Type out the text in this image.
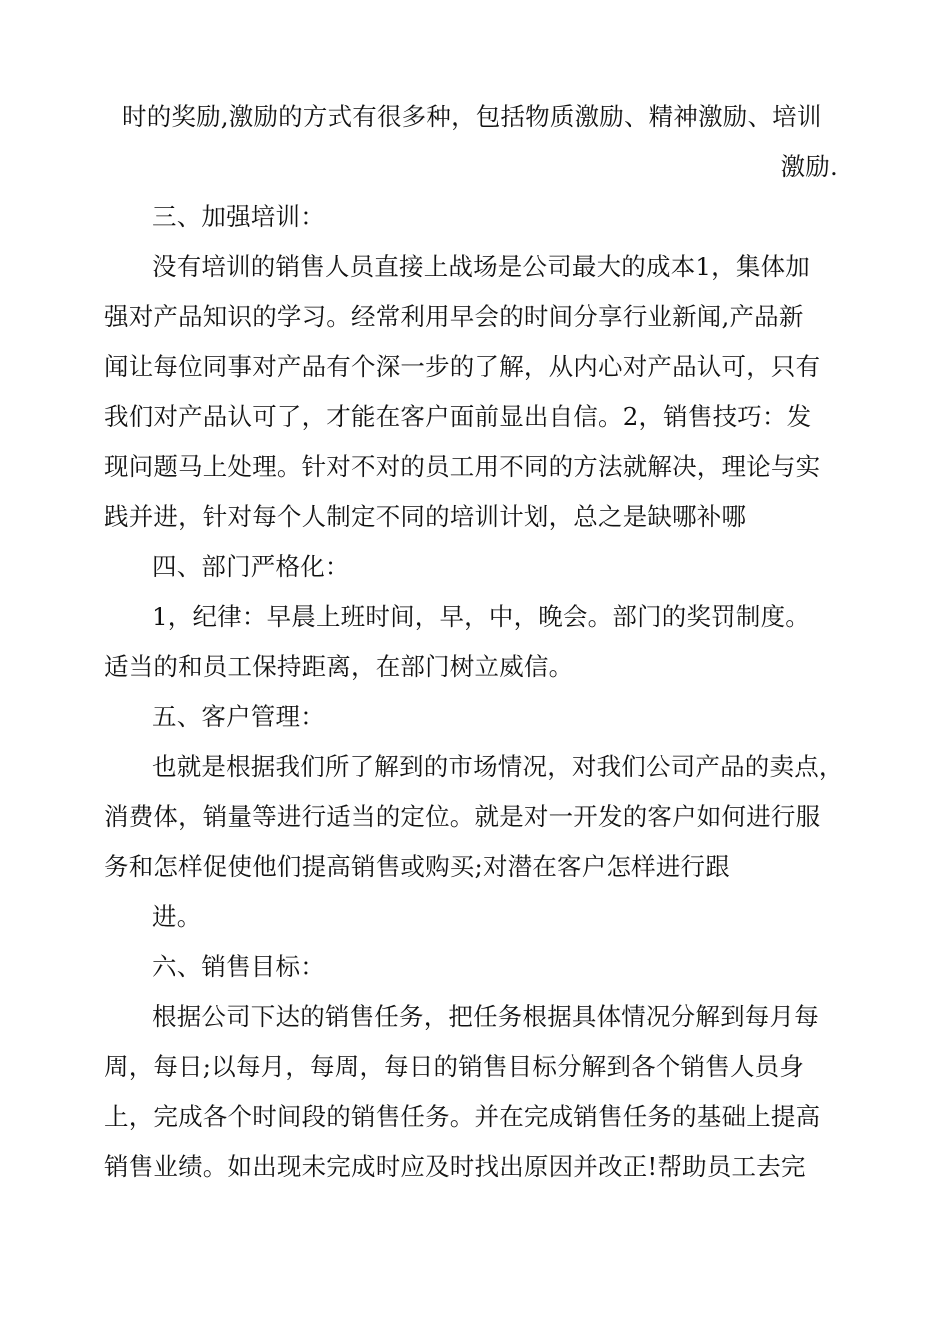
时的奖励,激励的方式有很多种，包括物质激励、精神激励、培训
激励.
三、加强培训：
没有培训的销售人员直接上战场是公司最大的成本1，集体加
强对产品知识的学习。经常利用早会的时间分享行业新闻,产品新
闻让每位同事对产品有个深一步的了解，从内心对产品认可，只有
我们对产品认可了，才能在客户面前显出自信。2，销售技巧：发
现问题马上处理。针对不对的员工用不同的方法就解决，理论与实
践并进，针对每个人制定不同的培训计划，总之是缺哪补哪
四、部门严格化：
1，纪律：早晨上班时间，早，中，晚会。部门的奖罚制度。
适当的和员工保持距离，在部门树立威信。
五、客户管理：
也就是根据我们所了解到的市场情况，对我们公司产品的卖点，
消费体，销量等进行适当的定位。就是对一开发的客户如何进行服
务和怎样促使他们提高销售或购买;对潜在客户怎样进行跟
进。
六、销售目标：
根据公司下达的销售任务，把任务根据具体情况分解到每月每
周，每日;以每月，每周，每日的销售目标分解到各个销售人员身
上，完成各个时间段的销售任务。并在完成销售任务的基础上提高
销售业绩。如出现未完成时应及时找出原因并改正!帮助员工去完
